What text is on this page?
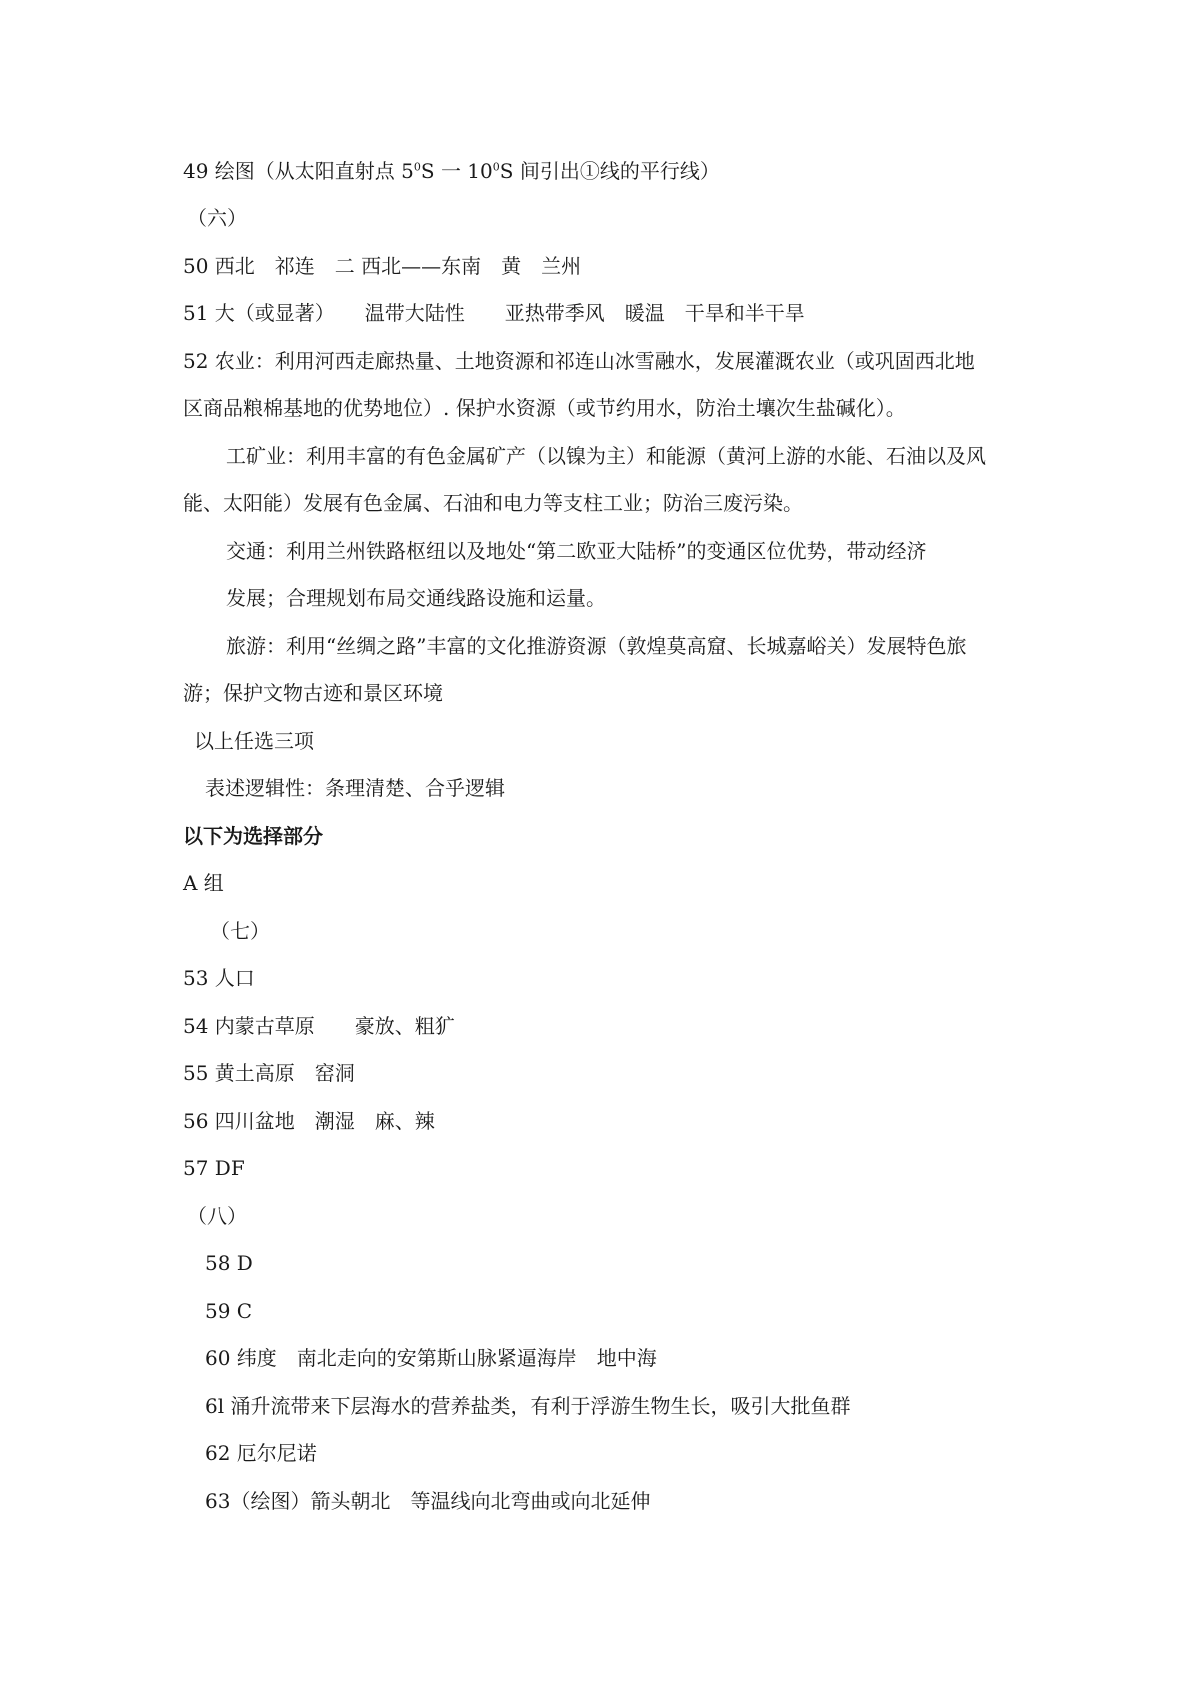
49 绘图（从太阳直射点 $5^0S$ 一 $10^0S$ 间引出①线的平行线）
（六）
50 西北　祁连　二 西北——东南　黄　兰州
51 大（或显著）　　温带大陆性　　亚热带季风　暖温　干旱和半干旱
52 农业：利用河西走廊热量、土地资源和祁连山冰雪融水，发展灌溉农业（或巩固西北地
区商品粮棉基地的优势地位）. 保护水资源（或节约用水，防治土壤次生盐碱化）。
工矿业：利用丰富的有色金属矿产（以镍为主）和能源（黄河上游的水能、石油以及风
能、太阳能）发展有色金属、石油和电力等支柱工业；防治三废污染。
交通：利用兰州铁路枢纽以及地处“第二欧亚大陆桥”的变通区位优势，带动经济
发展；合理规划布局交通线路设施和运量。
旅游：利用“丝绸之路”丰富的文化推游资源（敦煌莫高窟、长城嘉峪关）发展特色旅
游；保护文物古迹和景区环境
以上任选三项
表述逻辑性：条理清楚、合乎逻辑
以下为选择部分
A 组
（七）
53 人口
54 内蒙古草原　　豪放、粗犷
55 黄土高原　窑洞
56 四川盆地　潮湿　麻、辣
57 DF
（八）
58 D
59 C
60 纬度　南北走向的安第斯山脉紧逼海岸　地中海
6l 涌升流带来下层海水的营养盐类，有利于浮游生物生长，吸引大批鱼群
62 厄尔尼诺
63（绘图）箭头朝北　等温线向北弯曲或向北延伸
